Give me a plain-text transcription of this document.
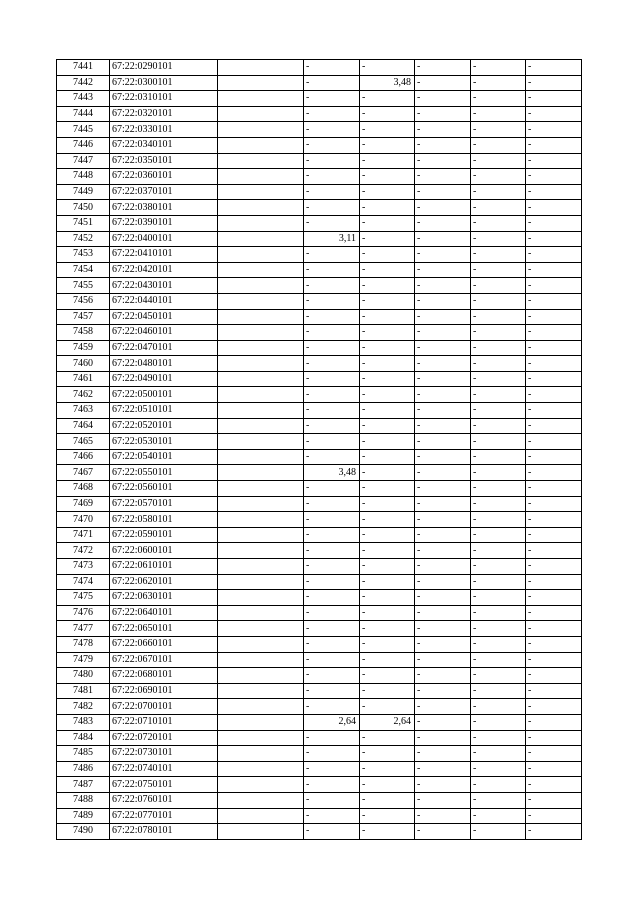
7441	67:22:0290101		-	-	-	-	-
7442	67:22:0300101		-	3,48	-	-	-
7443	67:22:0310101		-	-	-	-	-
7444	67:22:0320101		-	-	-	-	-
7445	67:22:0330101		-	-	-	-	-
7446	67:22:0340101		-	-	-	-	-
7447	67:22:0350101		-	-	-	-	-
7448	67:22:0360101		-	-	-	-	-
7449	67:22:0370101		-	-	-	-	-
7450	67:22:0380101		-	-	-	-	-
7451	67:22:0390101		-	-	-	-	-
7452	67:22:0400101		3,11	-	-	-	-
7453	67:22:0410101		-	-	-	-	-
7454	67:22:0420101		-	-	-	-	-
7455	67:22:0430101		-	-	-	-	-
7456	67:22:0440101		-	-	-	-	-
7457	67:22:0450101		-	-	-	-	-
7458	67:22:0460101		-	-	-	-	-
7459	67:22:0470101		-	-	-	-	-
7460	67:22:0480101		-	-	-	-	-
7461	67:22:0490101		-	-	-	-	-
7462	67:22:0500101		-	-	-	-	-
7463	67:22:0510101		-	-	-	-	-
7464	67:22:0520101		-	-	-	-	-
7465	67:22:0530101		-	-	-	-	-
7466	67:22:0540101		-	-	-	-	-
7467	67:22:0550101		3,48	-	-	-	-
7468	67:22:0560101		-	-	-	-	-
7469	67:22:0570101		-	-	-	-	-
7470	67:22:0580101		-	-	-	-	-
7471	67:22:0590101		-	-	-	-	-
7472	67:22:0600101		-	-	-	-	-
7473	67:22:0610101		-	-	-	-	-
7474	67:22:0620101		-	-	-	-	-
7475	67:22:0630101		-	-	-	-	-
7476	67:22:0640101		-	-	-	-	-
7477	67:22:0650101		-	-	-	-	-
7478	67:22:0660101		-	-	-	-	-
7479	67:22:0670101		-	-	-	-	-
7480	67:22:0680101		-	-	-	-	-
7481	67:22:0690101		-	-	-	-	-
7482	67:22:0700101		-	-	-	-	-
7483	67:22:0710101		2,64	2,64	-	-	-
7484	67:22:0720101		-	-	-	-	-
7485	67:22:0730101		-	-	-	-	-
7486	67:22:0740101		-	-	-	-	-
7487	67:22:0750101		-	-	-	-	-
7488	67:22:0760101		-	-	-	-	-
7489	67:22:0770101		-	-	-	-	-
7490	67:22:0780101		-	-	-	-	-
